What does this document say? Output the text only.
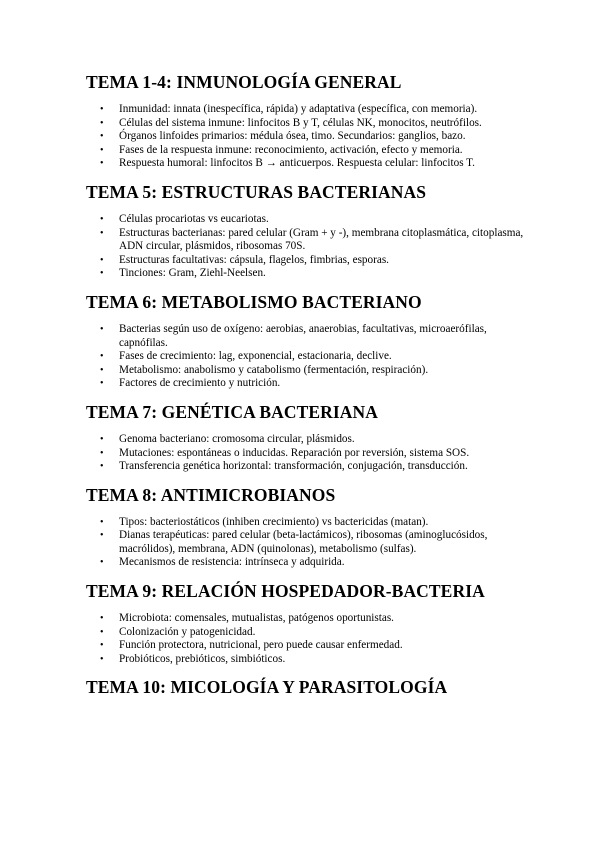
TEMA 1-4: INMUNOLOGÍA GENERAL
• Inmunidad: innata (inespecífica, rápida) y adaptativa (específica, con memoria).
• Células del sistema inmune: linfocitos B y T, células NK, monocitos, neutrófilos.
• Órganos linfoides primarios: médula ósea, timo. Secundarios: ganglios, bazo.
• Fases de la respuesta inmune: reconocimiento, activación, efecto y memoria.
• Respuesta humoral: linfocitos B → anticuerpos. Respuesta celular: linfocitos T.
TEMA 5: ESTRUCTURAS BACTERIANAS
• Células procariotas vs eucariotas.
• Estructuras bacterianas: pared celular (Gram + y -), membrana citoplasmática, citoplasma, ADN circular, plásmidos, ribosomas 70S.
• Estructuras facultativas: cápsula, flagelos, fimbrias, esporas.
• Tinciones: Gram, Ziehl-Neelsen.
TEMA 6: METABOLISMO BACTERIANO
• Bacterias según uso de oxígeno: aerobias, anaerobias, facultativas, microaerófilas, capnófilas.
• Fases de crecimiento: lag, exponencial, estacionaria, declive.
• Metabolismo: anabolismo y catabolismo (fermentación, respiración).
• Factores de crecimiento y nutrición.
TEMA 7: GENÉTICA BACTERIANA
• Genoma bacteriano: cromosoma circular, plásmidos.
• Mutaciones: espontáneas o inducidas. Reparación por reversión, sistema SOS.
• Transferencia genética horizontal: transformación, conjugación, transducción.
TEMA 8: ANTIMICROBIANOS
• Tipos: bacteriostáticos (inhiben crecimiento) vs bactericidas (matan).
• Dianas terapéuticas: pared celular (beta-lactámicos), ribosomas (aminoglucósidos, macrólidos), membrana, ADN (quinolonas), metabolismo (sulfas).
• Mecanismos de resistencia: intrínseca y adquirida.
TEMA 9: RELACIÓN HOSPEDADOR-BACTERIA
• Microbiota: comensales, mutualistas, patógenos oportunistas.
• Colonización y patogenicidad.
• Función protectora, nutricional, pero puede causar enfermedad.
• Probióticos, prebióticos, simbióticos.
TEMA 10: MICOLOGÍA Y PARASITOLOGÍA
